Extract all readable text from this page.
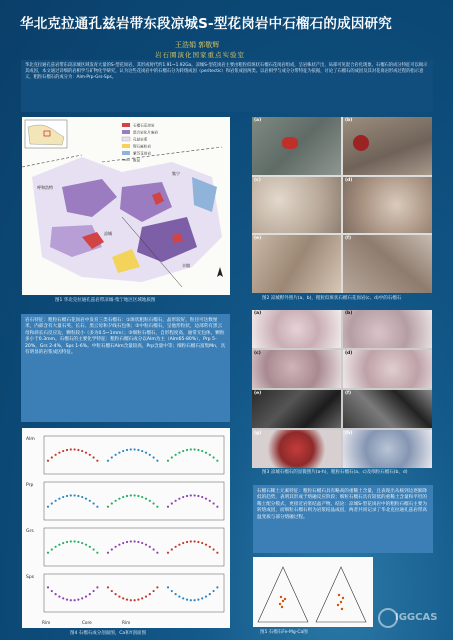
华北克拉通孔兹岩带东段凉城S-型花岗岩中石榴石的成因研究
王浩娟 郭敬辉
岩石圈演化国家重点实验室
华北克拉通孔兹岩带东段凉城区域发育大量的S-型花岗岩，其形成时代约1.91~1.92Ga。凉城S-型花岗岩主要由粗粒似斑状石榴石花岗岩组成，呈岩株状产出，局部可见混合岩化现象。石榴石的成分特征可以揭示其成因，本文通过详细的岩相学与矿物化学研究，认为这些花岗岩中的石榴石分为转熔成因（peritectic）和岩浆成因两类。以岩相学与成分分带特征为依据，讨论了石榴石的成因及其对花岗岩形成过程的指示意义，粗粒石榴石的成分为：Alm-Prp-Grs-Sps。
石榴石花岗岩
混合岩化片麻岩
孔兹岩系
辉石麻粒岩
紫苏花岗岩
断层
呼和浩特
凉城
集宁
丰镇
图1 华北克拉通孔兹岩带凉城-集宁地区区域地质图
(a)	(b)
(c)	(d)
(e)	(f)
图2 凉城野外照片(a、b)，粗粒似斑状石榴石花岗岩(c、d)中的石榴石
岩石特征：粗粒石榴石花岗岩中发育三类石榴石：①斑状粗粒石榴石，晶形较好，粒径可达数厘米，内部含有大量石英、长石、黑云母和夕线石包体；②中粒石榴石，呈他形粒状，边部常有黑云母和斜长石反应边，颗粒较小（多为0.5~1mm）；③细粒石榴石，自形程度高，通常无包体，颗粒多小于0.3mm。石榴石的主要化学特征：粗粒石榴石成分以Alm为主（Alm65-80%），Prp 5-20%，Grs 2-4%，Sps 1-6%。中粒石榴石Alm含量较高，Prp含量中等；细粒石榴石富集Mn，具有明显的岩浆成因特征。
Alm
Prp
Grs
Sps
Rim	Core	Rim
图4 石榴石成分剖面图，Ca和Y剖面图
(a)	(b)
(c)	(d)
(e)	(f)
(g)	(h)
图3 凉城石榴石的显微照片(a-h)，粗粒石榴石(a、c)及细粒石榴石(b、d)
石榴石稀土元素特征：粗粒石榴石具有略高的重稀土含量，且表现出从核到边逐渐降低的趋势，表明其形成于熔融反应阶段；细粒石榴石具有较低的重稀土含量和平坦的稀土配分模式，更接近岩浆结晶产物。结论：凉城S-型花岗岩中的粗粒石榴石主要为转熔成因，而细粒石榴石则为岩浆结晶成因，两者共同记录了华北克拉通孔兹岩带高温变质与部分熔融过程。
图5 石榴石Fe-Mg-Ca图
IGGCAS
